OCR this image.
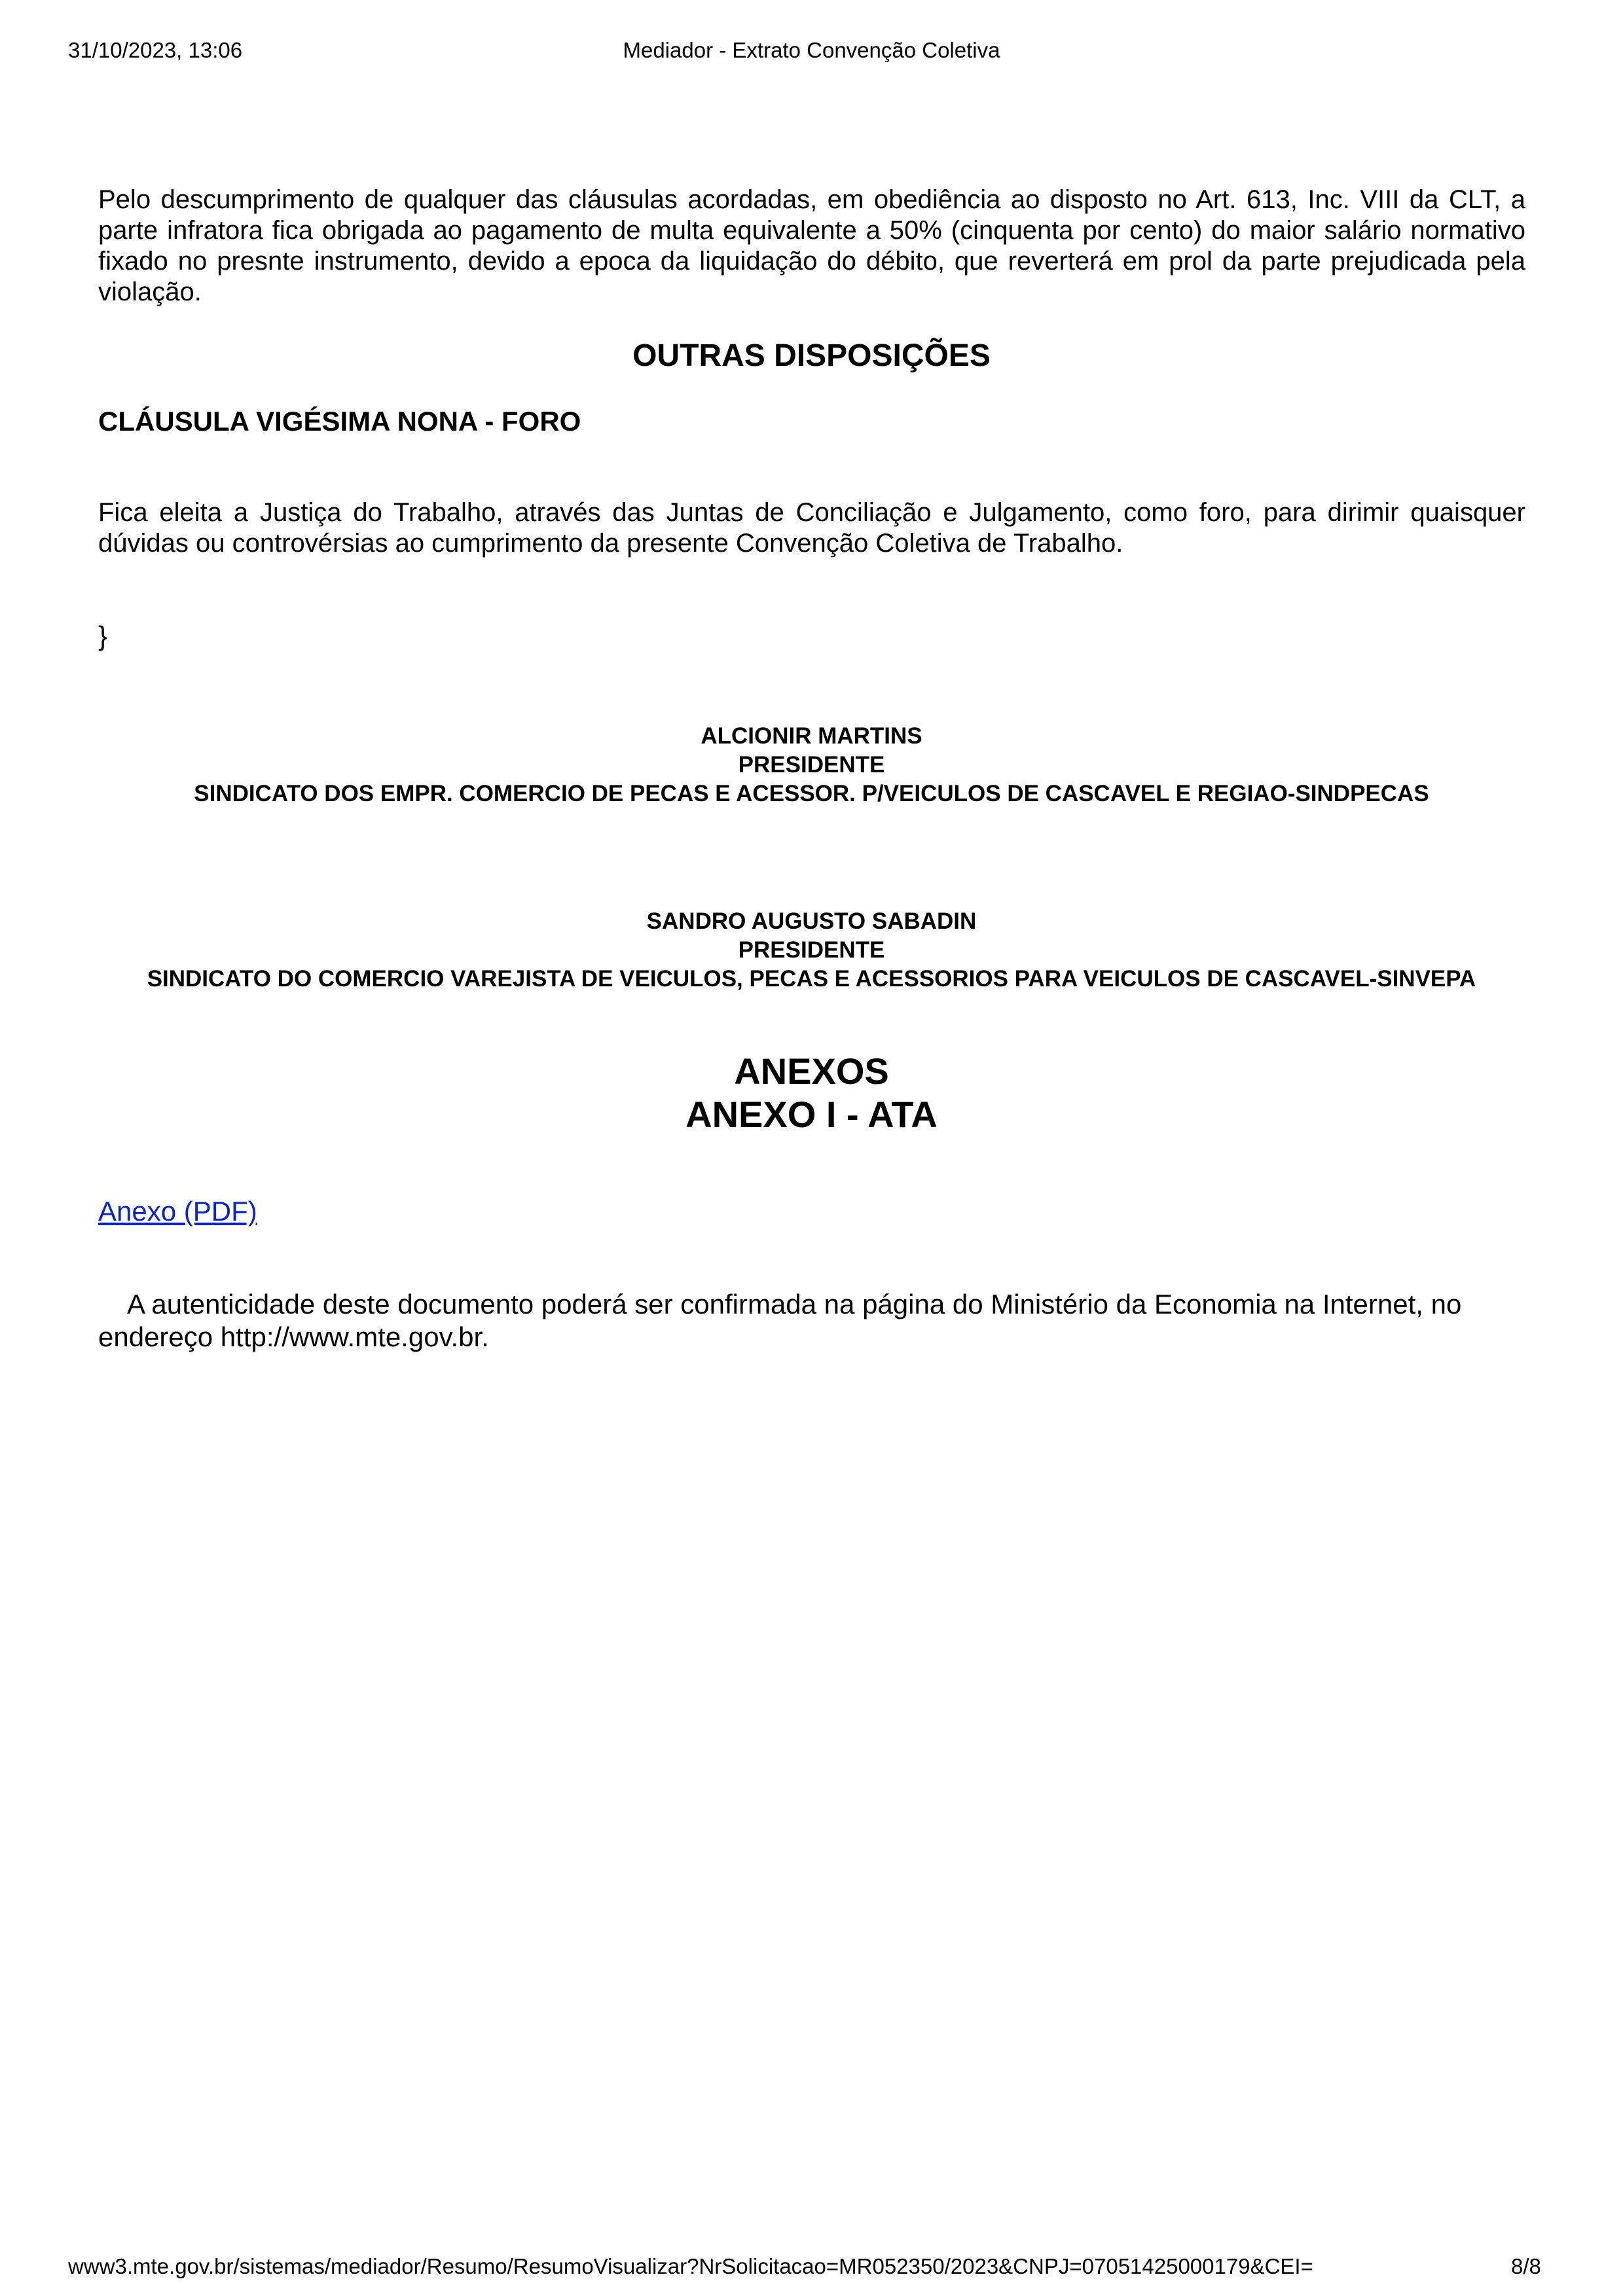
31/10/2023, 13:06	Mediador - Extrato Convenção Coletiva

Pelo descumprimento de qualquer das cláusulas acordadas, em obediência ao disposto no Art. 613, Inc. VIII da CLT, a parte infratora fica obrigada ao pagamento de multa equivalente a 50% (cinquenta por cento) do maior salário normativo fixado no presnte instrumento, devido a epoca da liquidação do débito, que reverterá em prol da parte prejudicada pela violação.

OUTRAS DISPOSIÇÕES
CLÁUSULA VIGÉSIMA NONA - FORO

Fica eleita a Justiça do Trabalho, através das Juntas de Conciliação e Julgamento, como foro, para dirimir quaisquer dúvidas ou controvérsias ao cumprimento da presente Convenção Coletiva de Trabalho.

}
ALCIONIR MARTINS
PRESIDENTE
SINDICATO DOS EMPR. COMERCIO DE PECAS E ACESSOR. P/VEICULOS DE CASCAVEL E REGIAO-SINDPECAS
SANDRO AUGUSTO SABADIN
PRESIDENTE
SINDICATO DO COMERCIO VAREJISTA DE VEICULOS, PECAS E ACESSORIOS PARA VEICULOS DE CASCAVEL-SINVEPA
ANEXOS
ANEXO I - ATA
Anexo (PDF)
A autenticidade deste documento poderá ser confirmada na página do Ministério da Economia na Internet, no endereço http://www.mte.gov.br.
www3.mte.gov.br/sistemas/mediador/Resumo/ResumoVisualizar?NrSolicitacao=MR052350/2023&CNPJ=07051425000179&CEI=	8/8
